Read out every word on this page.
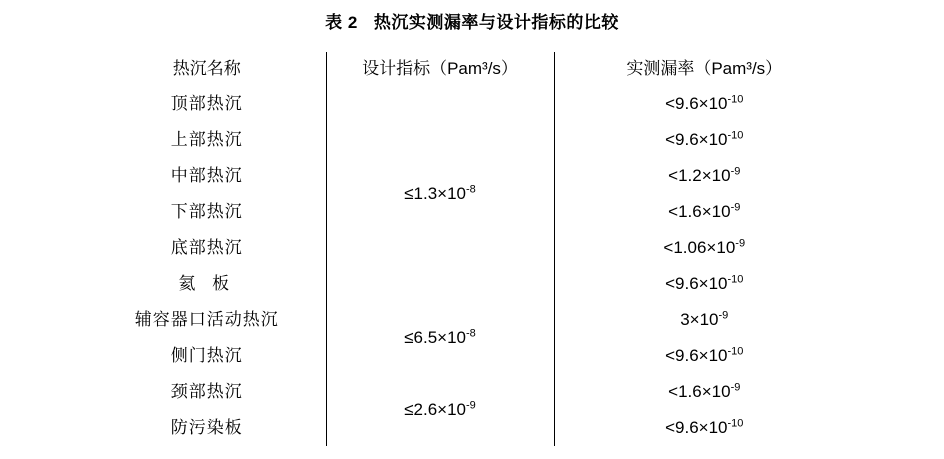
表 2 热沉实测漏率与设计指标的比较
热沉名称	设计指标（Pam³/s）	实测漏率（Pam³/s）
顶部热沉	$\le 1.3\times 10^{-8}$	$<9.6\times 10^{-10}$
上部热沉		$<9.6\times 10^{-10}$
中部热沉		$<1.2\times 10^{-9}$
下部热沉		$<1.6\times 10^{-9}$
底部热沉		$<1.06\times 10^{-9}$
氦 板		$<9.6\times 10^{-10}$
辅容器口活动热沉	$\le 6.5\times 10^{-8}$	$3\times 10^{-9}$
侧门热沉		$<9.6\times 10^{-10}$
颈部热沉	$\le 2.6\times 10^{-9}$	$<1.6\times 10^{-9}$
防污染板		$<9.6\times 10^{-10}$
